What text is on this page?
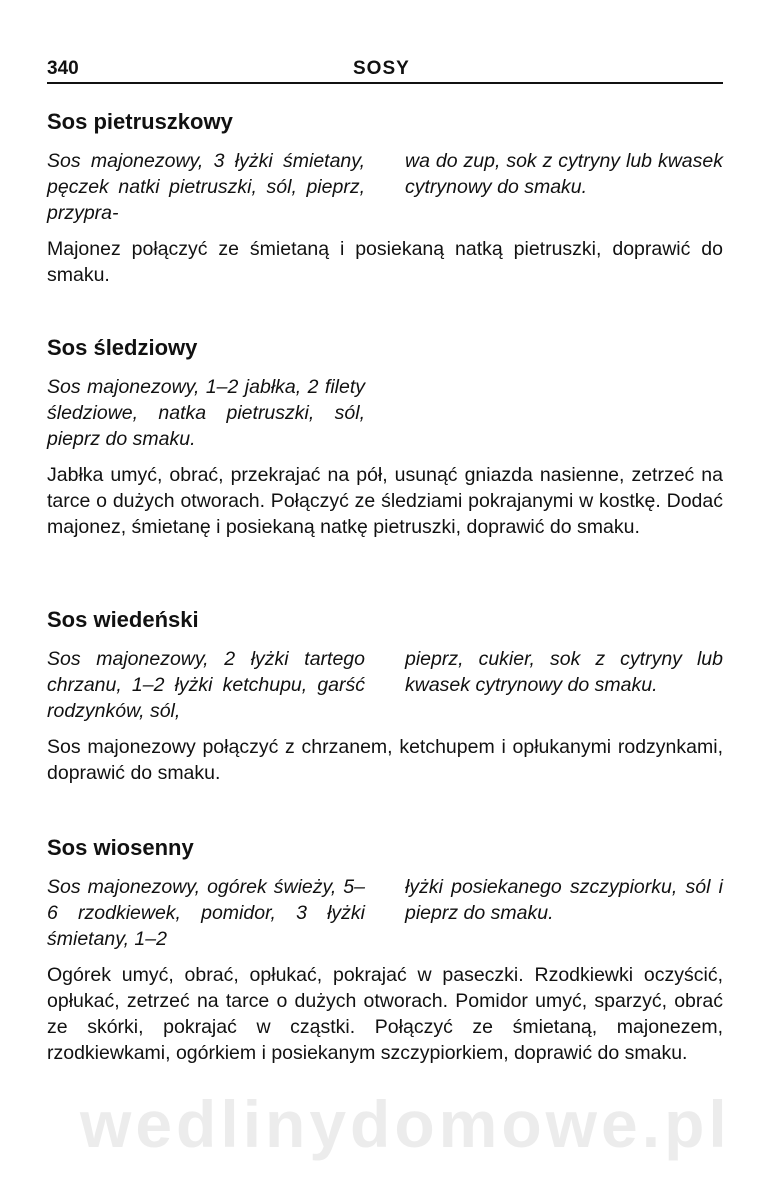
340	SOSY
Sos pietruszkowy
Sos majonezowy, 3 łyżki śmietany, pęczek natki pietruszki, sól, pieprz, przypra-
wa do zup, sok z cytryny lub kwasek cytrynowy do smaku.
Majonez połączyć ze śmietaną i posiekaną natką pietruszki, doprawić do smaku.
Sos śledziowy
Sos majonezowy, 1–2 jabłka, 2 filety śledziowe, natka pietruszki, sól, pieprz do smaku.
Jabłka umyć, obrać, przekrajać na pół, usunąć gniazda nasienne, zetrzeć na tarce o dużych otworach. Połączyć ze śledziami pokrajanymi w kostkę. Dodać majonez, śmietanę i posiekaną natkę pietruszki, doprawić do smaku.
Sos wiedeński
Sos majonezowy, 2 łyżki tartego chrzanu, 1–2 łyżki ketchupu, garść rodzynków, sól,
pieprz, cukier, sok z cytryny lub kwasek cytrynowy do smaku.
Sos majonezowy połączyć z chrzanem, ketchupem i opłukanymi rodzynkami, doprawić do smaku.
Sos wiosenny
Sos majonezowy, ogórek świeży, 5–6 rzodkiewek, pomidor, 3 łyżki śmietany, 1–2
łyżki posiekanego szczypiorku, sól i pieprz do smaku.
Ogórek umyć, obrać, opłukać, pokrajać w paseczki. Rzodkiewki oczyścić, opłukać, zetrzeć na tarce o dużych otworach. Pomidor umyć, sparzyć, obrać ze skórki, pokrajać w cząstki. Połączyć ze śmietaną, majonezem, rzodkiewkami, ogórkiem i posiekanym szczypiorkiem, doprawić do smaku.
wedlinydomowe.pl
